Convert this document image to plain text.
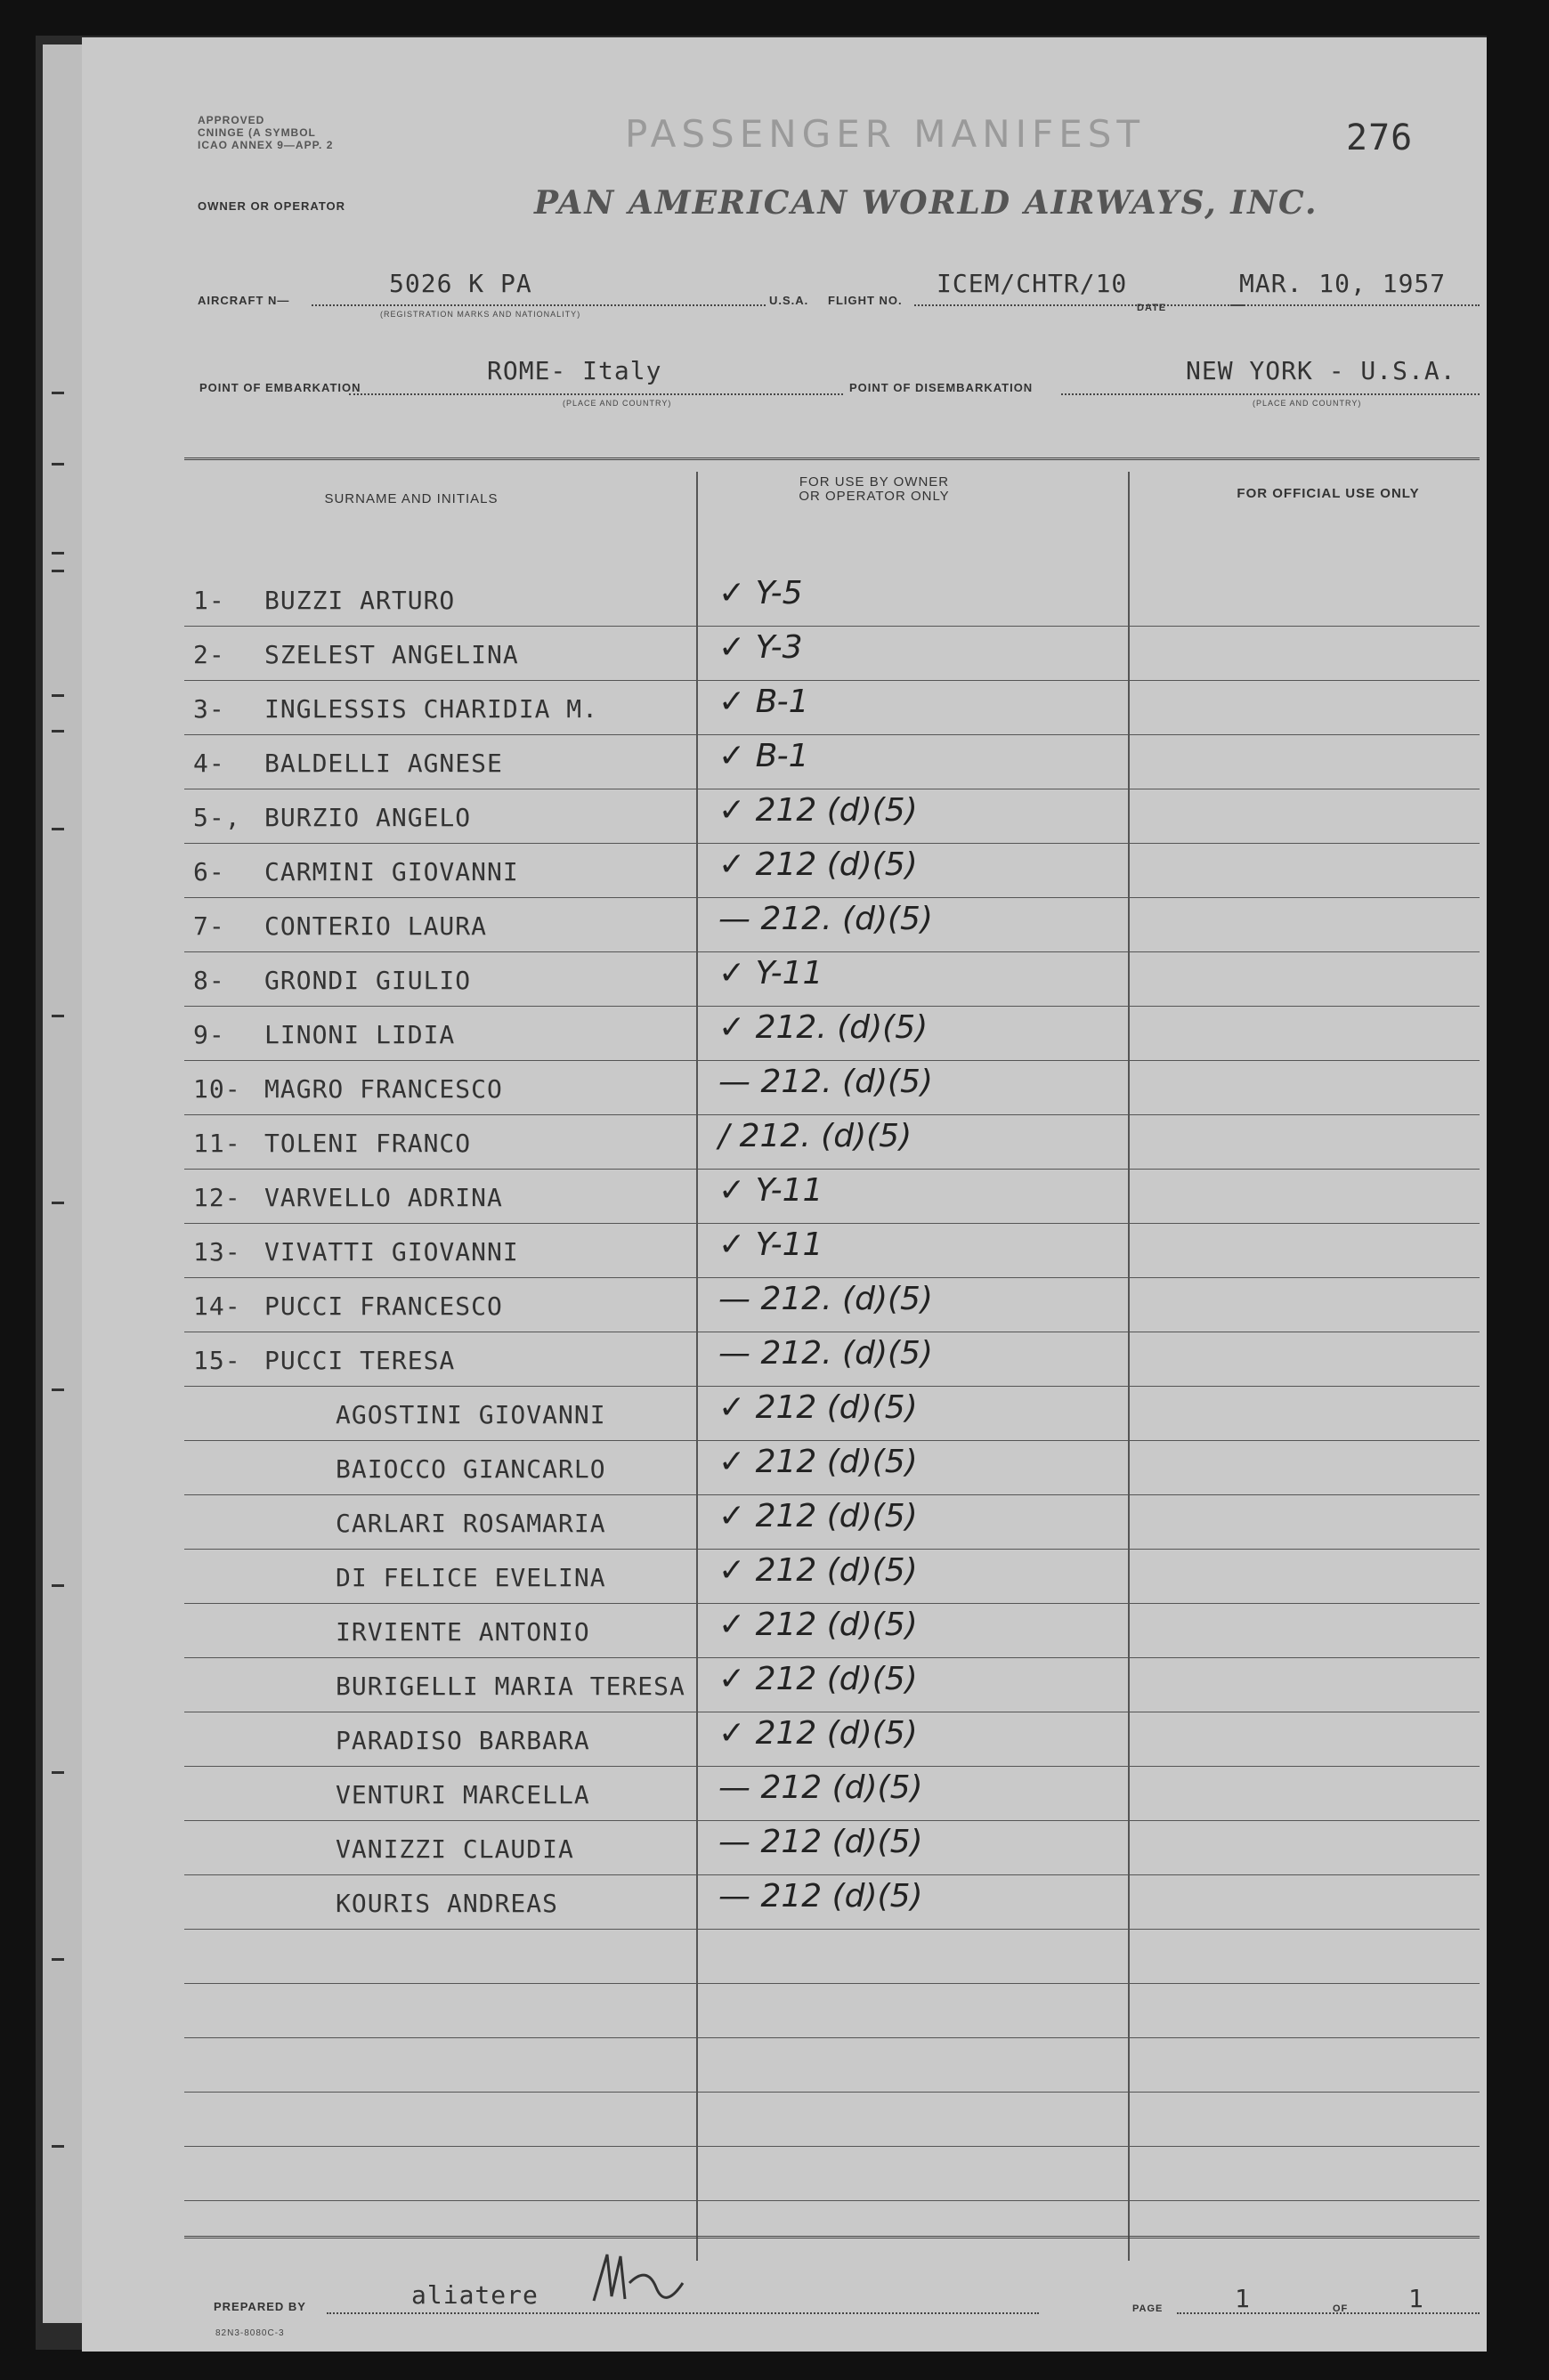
APPROVED
CNINGE (A SYMBOL
ICAO ANNEX 9—APP. 2	PASSENGER MANIFEST	276
OWNER OR OPERATOR	PAN AMERICAN WORLD AIRWAYS, INC.
AIRCRAFT N—
5026 K PA
(REGISTRATION MARKS AND NATIONALITY)
U.S.A. FLIGHT NO.
ICEM/CHTR/10
DATE
MAR. 10, 1957
POINT OF EMBARKATION
ROME- Italy
(PLACE AND COUNTRY)
POINT OF DISEMBARKATION
NEW YORK - U.S.A.
(PLACE AND COUNTRY)
SURNAME AND INITIALS
FOR USE BY OWNER
OR OPERATOR ONLY	FOR OFFICIAL USE ONLY
1- BUZZI ARTURO	✓ Y-5
2- SZELEST ANGELINA	✓ Y-3
3- INGLESSIS CHARIDIA M.	✓ B-1
4- BALDELLI AGNESE	✓ B-1
5-, BURZIO ANGELO	✓ 212 (d)(5)
6- CARMINI GIOVANNI	✓ 212 (d)(5)
7- CONTERIO LAURA	— 212. (d)(5)
8- GRONDI GIULIO	✓ Y-11
9- LINONI LIDIA	✓ 212. (d)(5)
10- MAGRO FRANCESCO	— 212. (d)(5)
11- TOLENI FRANCO	/ 212. (d)(5)
12- VARVELLO ADRINA	✓ Y-11
13- VIVATTI GIOVANNI	✓ Y-11
14- PUCCI FRANCESCO	— 212. (d)(5)
15- PUCCI TERESA	— 212. (d)(5)
AGOSTINI GIOVANNI	✓ 212 (d)(5)
BAIOCCO GIANCARLO	✓ 212 (d)(5)
CARLARI ROSAMARIA	✓ 212 (d)(5)
DI FELICE EVELINA	✓ 212 (d)(5)
IRVIENTE ANTONIO	✓ 212 (d)(5)
BURIGELLI MARIA TERESA ✓ 212 (d)(5)
PARADISO BARBARA	✓ 212 (d)(5)
VENTURI MARCELLA	— 212 (d)(5)
VANIZZI CLAUDIA	— 212 (d)(5)
KOURIS ANDREAS	— 212 (d)(5)
PREPARED BY	aliatere	PAGE	1	OF 1
82N3-8080C-3
